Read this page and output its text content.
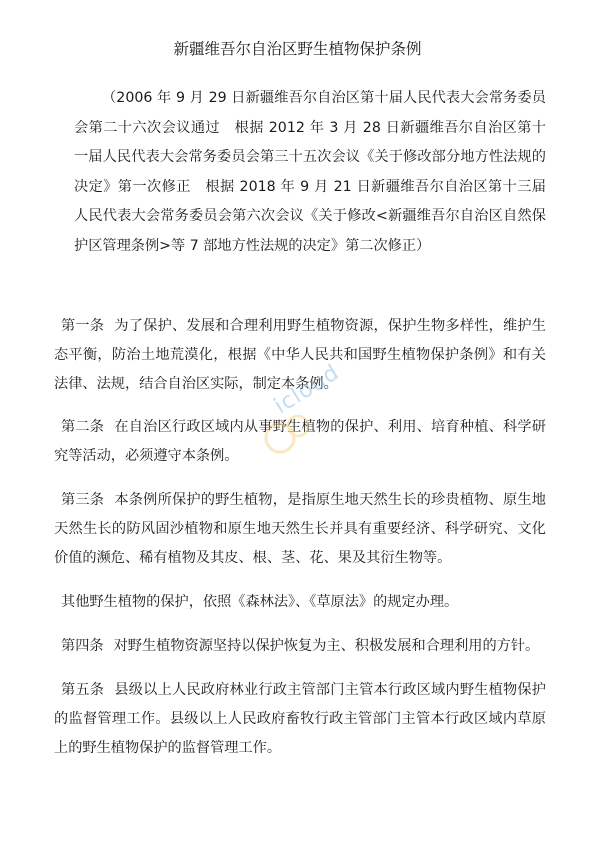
新疆维吾尔自治区野生植物保护条例

（2006 年 9 月 29 日新疆维吾尔自治区第十届人民代表大会常务委员会第二十六次会议通过　根据 2012 年 3 月 28 日新疆维吾尔自治区第十一届人民代表大会常务委员会第三十五次会议《关于修改部分地方性法规的决定》第一次修正　根据 2018 年 9 月 21 日新疆维吾尔自治区第十三届人民代表大会常务委员会第六次会议《关于修改<新疆维吾尔自治区自然保护区管理条例>等 7 部地方性法规的决定》第二次修正）

第一条 为了保护、发展和合理利用野生植物资源，保护生物多样性，维护生态平衡，防治土地荒漠化，根据《中华人民共和国野生植物保护条例》和有关法律、法规，结合自治区实际，制定本条例。

第二条 在自治区行政区域内从事野生植物的保护、利用、培育种植、科学研究等活动，必须遵守本条例。

第三条 本条例所保护的野生植物，是指原生地天然生长的珍贵植物、原生地天然生长的防风固沙植物和原生地天然生长并具有重要经济、科学研究、文化价值的濒危、稀有植物及其皮、根、茎、花、果及其衍生物等。

其他野生植物的保护，依照《森林法》、《草原法》的规定办理。

第四条 对野生植物资源坚持以保护恢复为主、积极发展和合理利用的方针。

第五条 县级以上人民政府林业行政主管部门主管本行政区域内野生植物保护的监督管理工作。县级以上人民政府畜牧行政主管部门主管本行政区域内草原上的野生植物保护的监督管理工作。

icloud
